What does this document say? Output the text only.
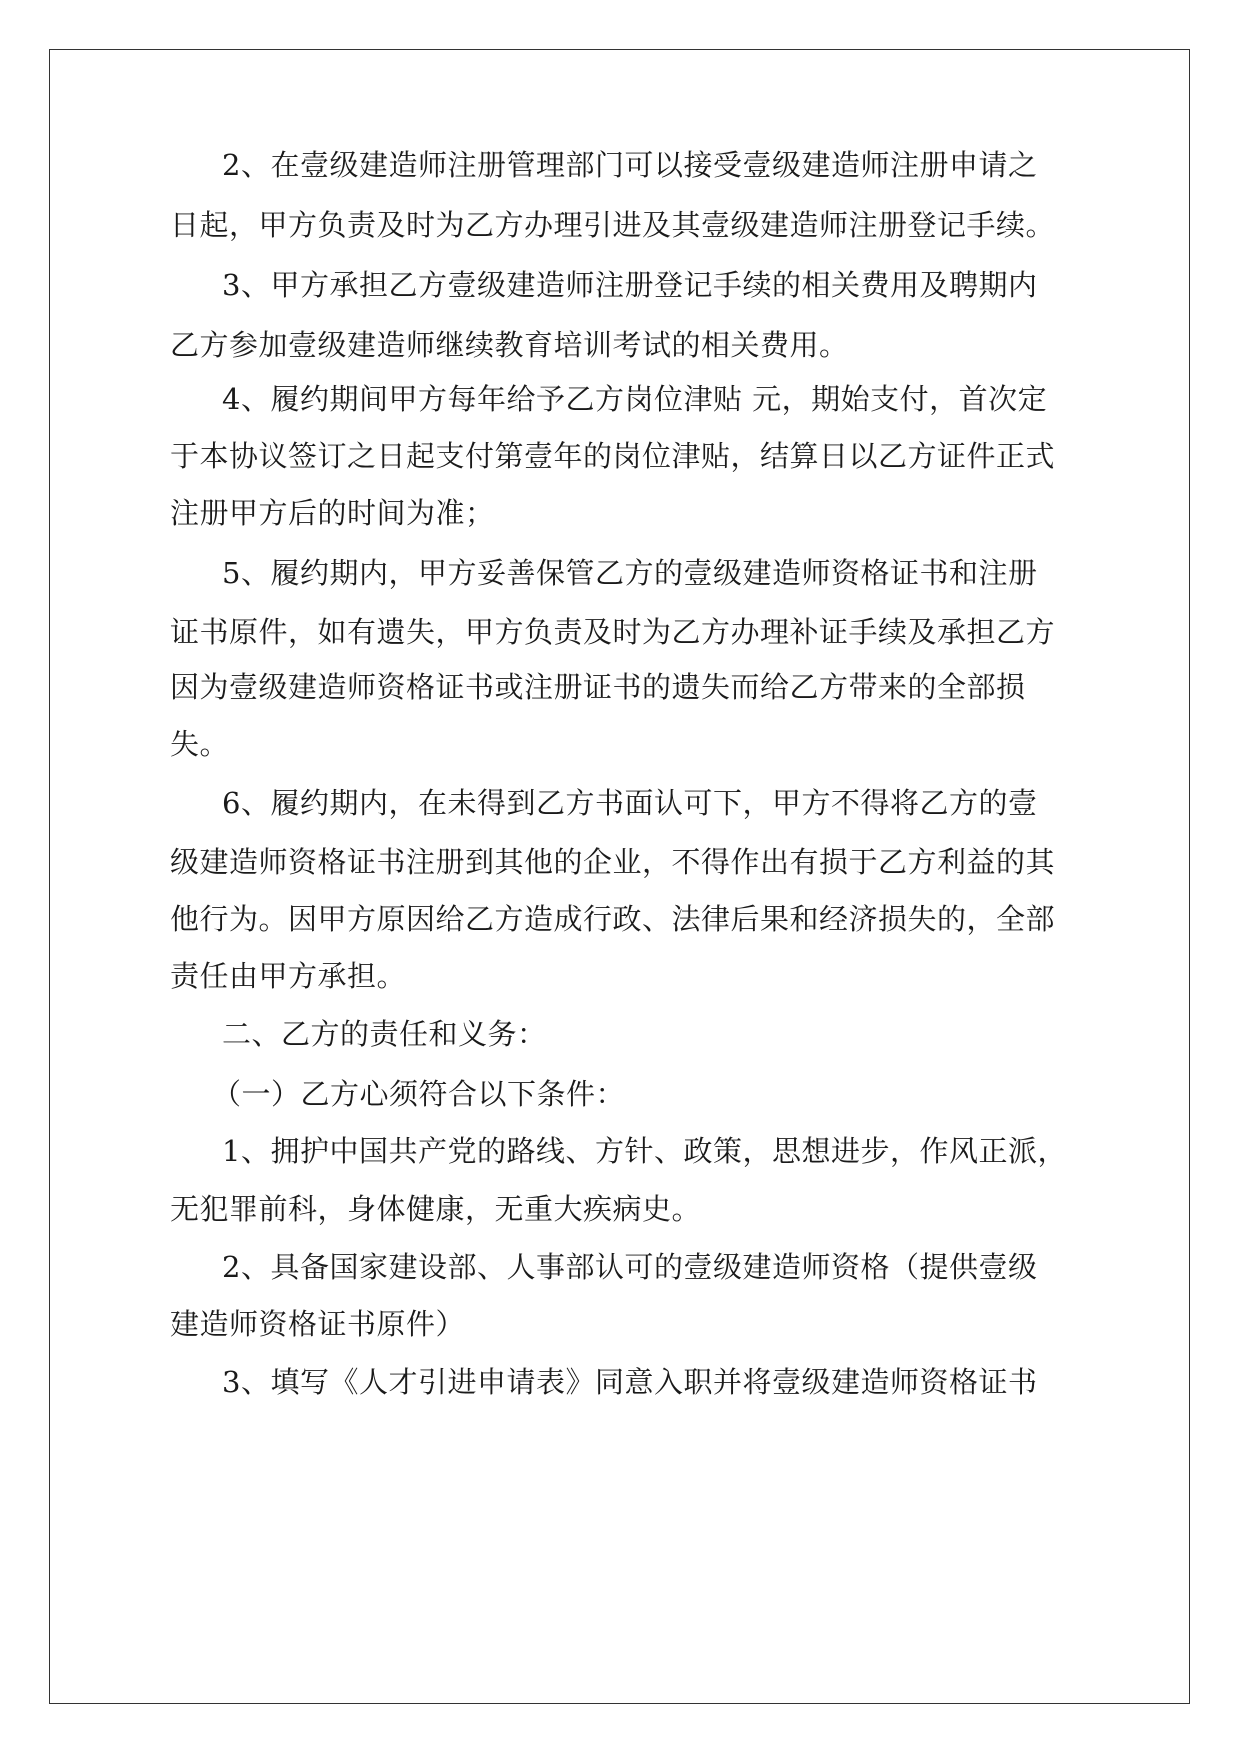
2、在壹级建造师注册管理部门可以接受壹级建造师注册申请之
日起，甲方负责及时为乙方办理引进及其壹级建造师注册登记手续。
3、甲方承担乙方壹级建造师注册登记手续的相关费用及聘期内
乙方参加壹级建造师继续教育培训考试的相关费用。
4、履约期间甲方每年给予乙方岗位津贴 元，期始支付，首次定
于本协议签订之日起支付第壹年的岗位津贴，结算日以乙方证件正式
注册甲方后的时间为准；
5、履约期内，甲方妥善保管乙方的壹级建造师资格证书和注册
证书原件，如有遗失，甲方负责及时为乙方办理补证手续及承担乙方
因为壹级建造师资格证书或注册证书的遗失而给乙方带来的全部损
失。
6、履约期内，在未得到乙方书面认可下，甲方不得将乙方的壹
级建造师资格证书注册到其他的企业，不得作出有损于乙方利益的其
他行为。因甲方原因给乙方造成行政、法律后果和经济损失的，全部
责任由甲方承担。
二、乙方的责任和义务：
（一）乙方心须符合以下条件：
1、拥护中国共产党的路线、方针、政策，思想进步，作风正派，
无犯罪前科，身体健康，无重大疾病史。
2、具备国家建设部、人事部认可的壹级建造师资格（提供壹级
建造师资格证书原件）
3、填写《人才引进申请表》同意入职并将壹级建造师资格证书
